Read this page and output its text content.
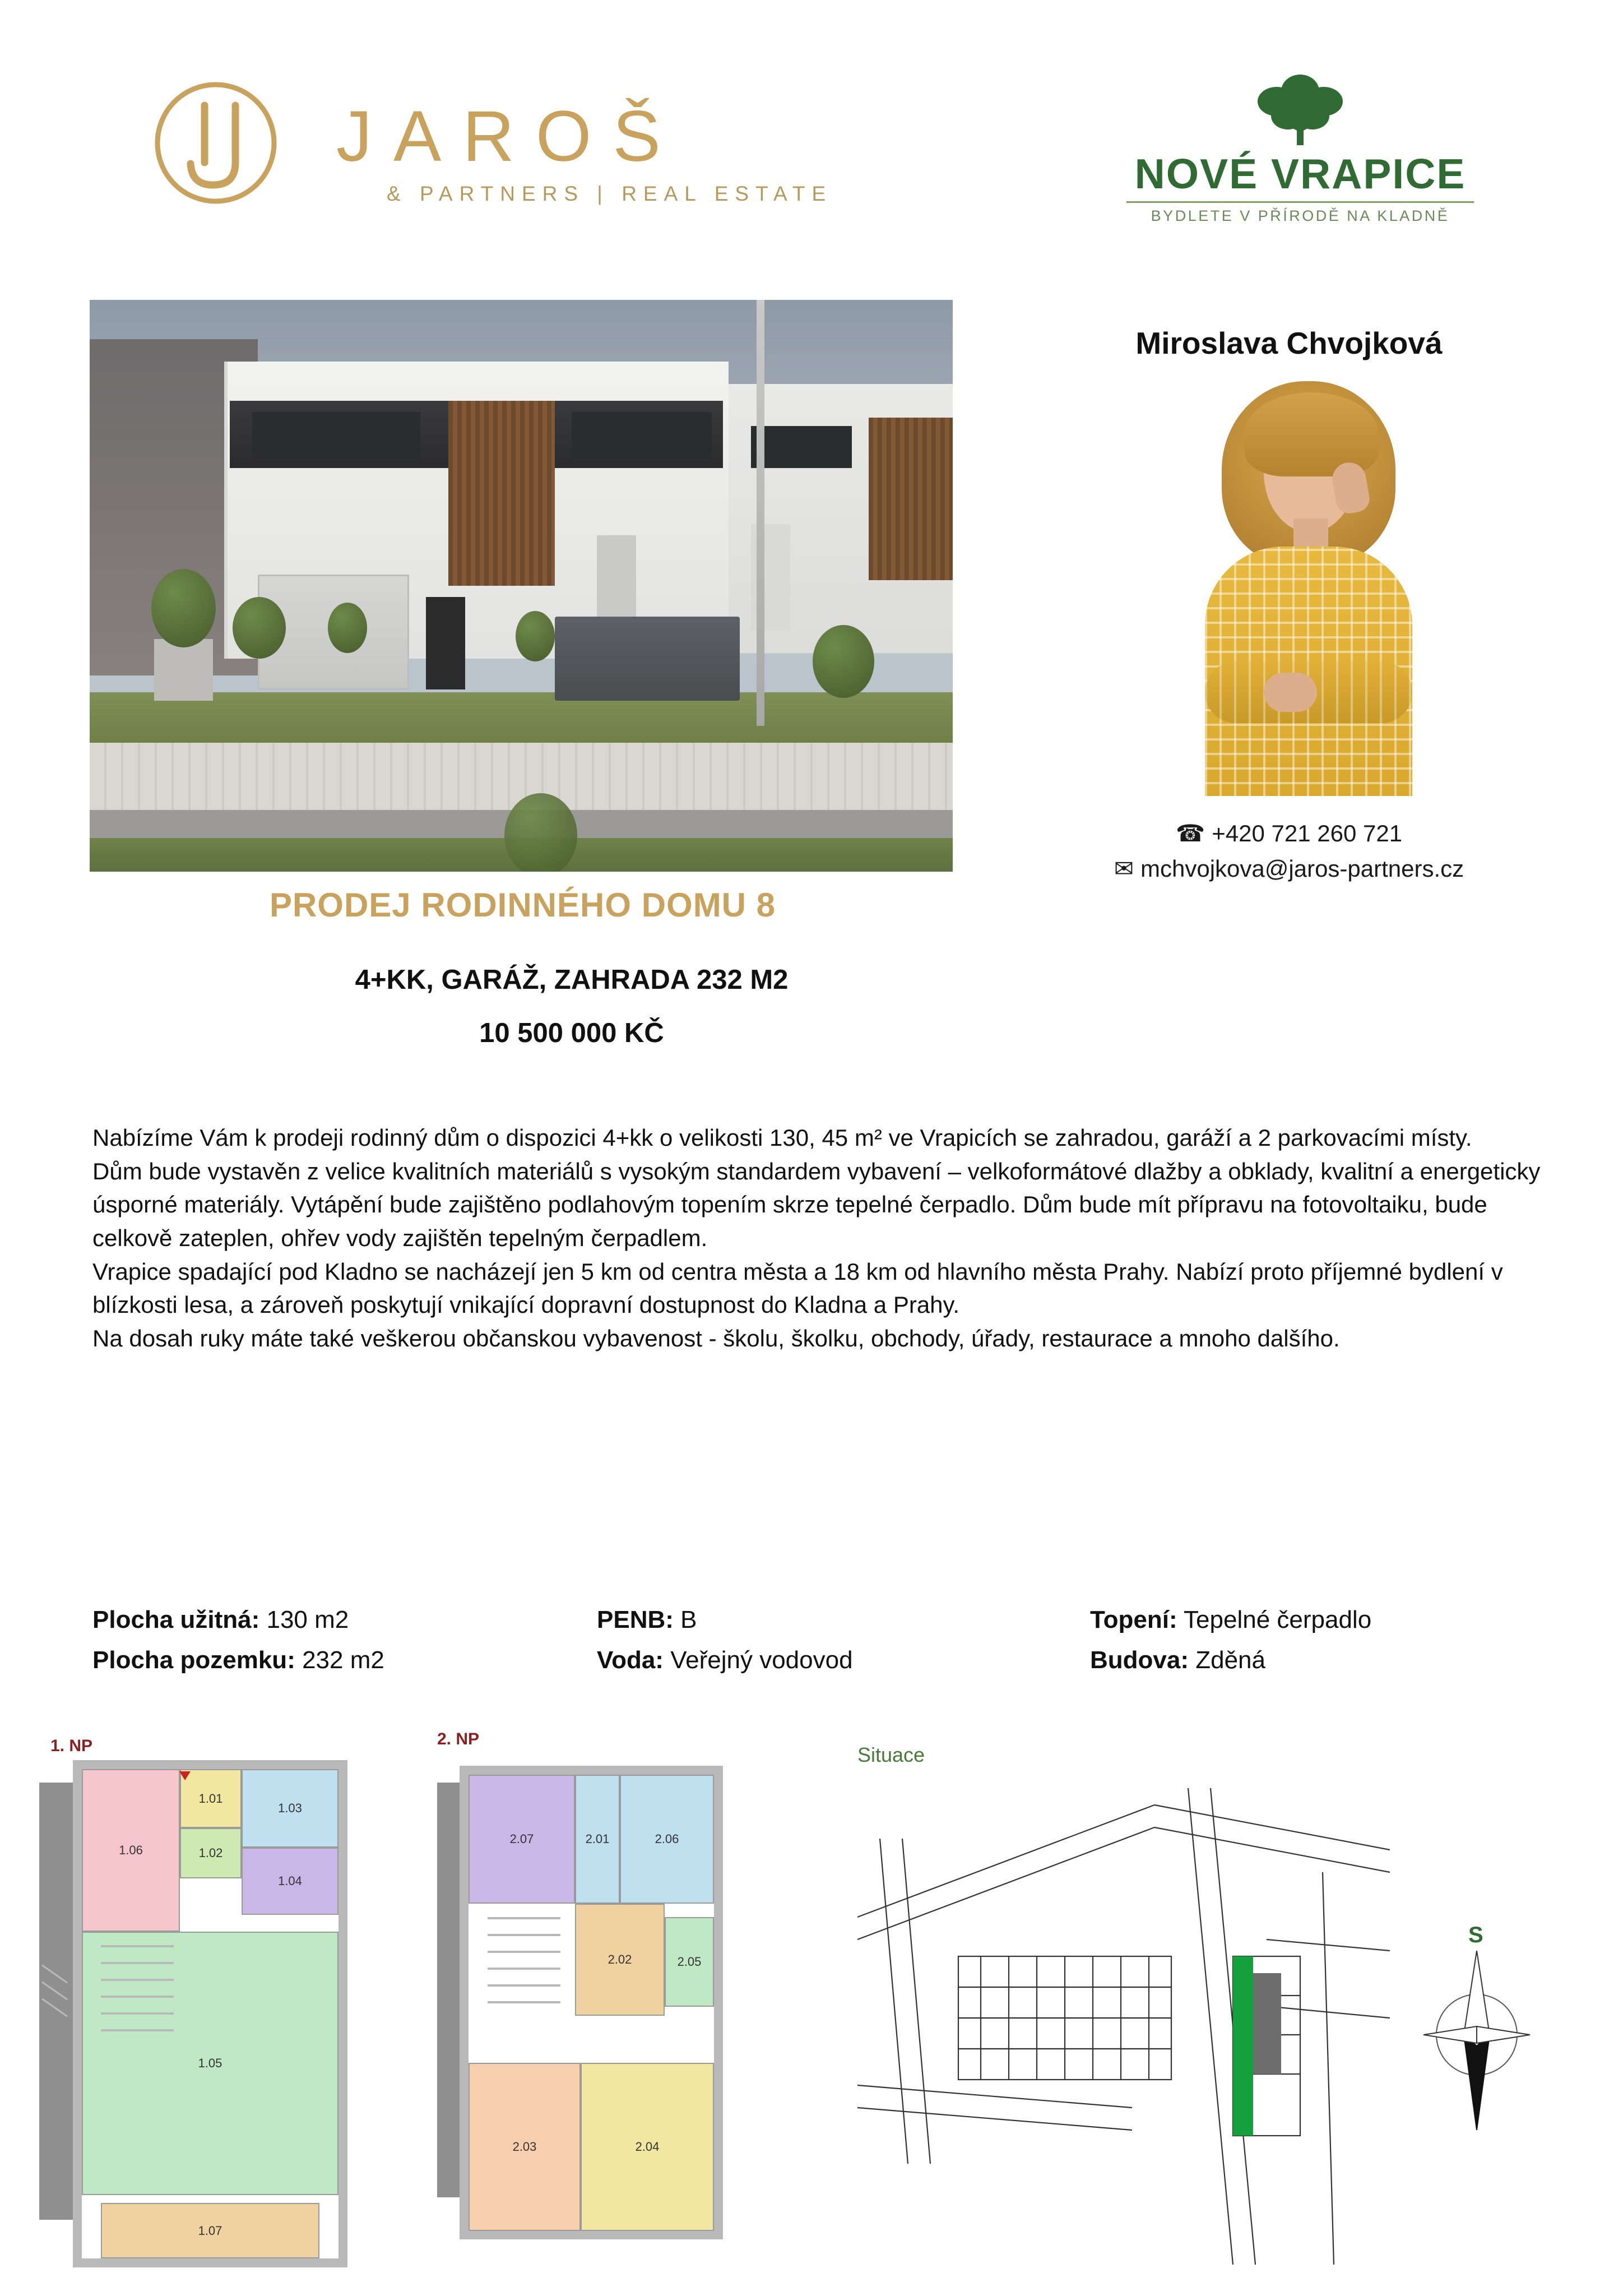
JAROŠ
& PARTNERS | REAL ESTATE	NOVÉ VRAPICE
BYDLETE V PŘÍRODĚ NA KLADNĚ
Miroslava Chvojková
☎ +420 721 260 721
✉ mchvojkova@jaros-partners.cz
PRODEJ RODINNÉHO DOMU 8
4+KK, GARÁŽ, ZAHRADA 232 M2
10 500 000 KČ

Nabízíme Vám k prodeji rodinný dům o dispozici 4+kk o velikosti 130, 45 m² ve Vrapicích se zahradou, garáží a 2 parkovacími místy.

Dům bude vystavěn z velice kvalitních materiálů s vysokým standardem vybavení – velkoformátové dlažby a obklady, kvalitní a energeticky úsporné materiály. Vytápění bude zajištěno podlahovým topením skrze tepelné čerpadlo. Dům bude mít přípravu na fotovoltaiku, bude celkově zateplen, ohřev vody zajištěn tepelným čerpadlem.

Vrapice spadající pod Kladno se nacházejí jen 5 km od centra města a 18 km od hlavního města Prahy. Nabízí proto příjemné bydlení v blízkosti lesa, a zároveň poskytují vnikající dopravní dostupnost do Kladna a Prahy.

Na dosah ruky máte také veškerou občanskou vybavenost - školu, školku, obchody, úřady, restaurace a mnoho dalšího.

Plocha užitná: 130 m2
Plocha pozemku: 232 m2
PENB: B
Voda: Veřejný vodovod
Topení: Tepelné čerpadlo
Budova: Zděná
1. NP	2. NP
1.06
1.01
1.03
1.02
1.04
1.05
1.07
2.07	2.01	2.06
2.02	2.05
2.03	2.04
Situace
S
